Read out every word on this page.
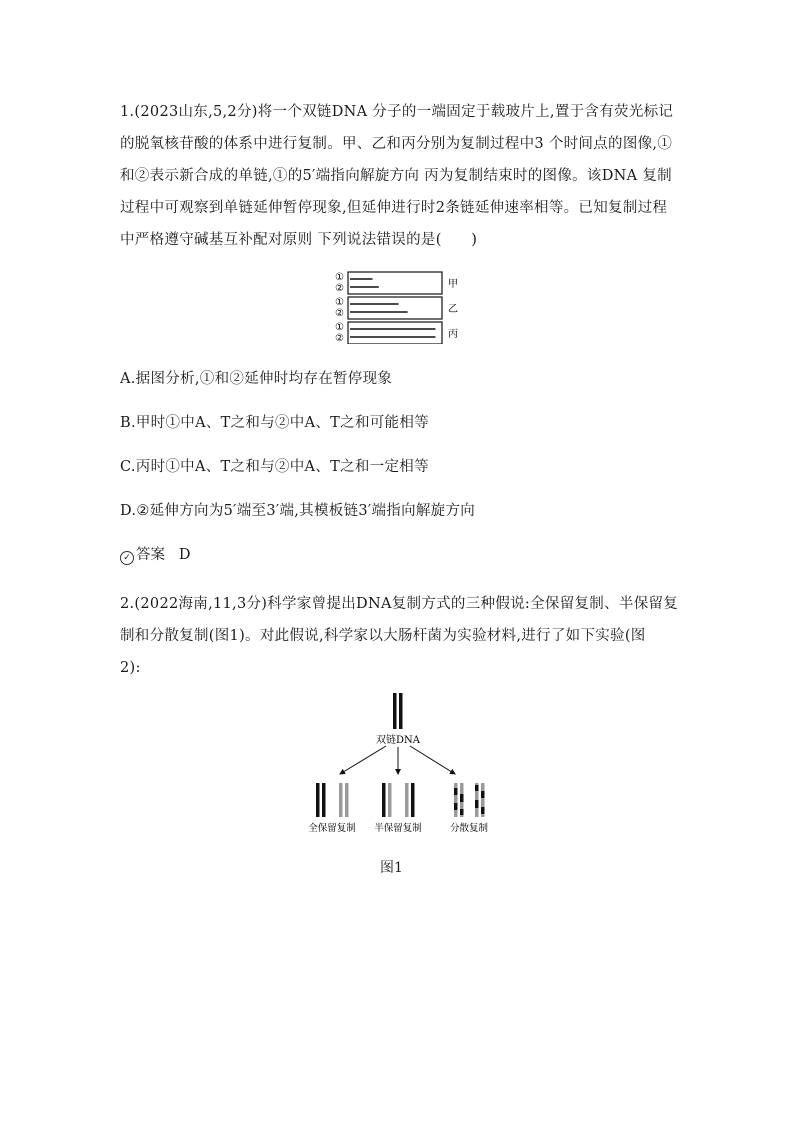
1.(2023山东,5,2分)将一个双链DNA 分子的一端固定于载玻片上,置于含有荧光标记
的脱氧核苷酸的体系中进行复制。甲、乙和丙分别为复制过程中3 个时间点的图像,①
和②表示新合成的单链,①的5′端指向解旋方向 丙为复制结束时的图像。该DNA 复制
过程中可观察到单链延伸暂停现象,但延伸进行时2条链延伸速率相等。已知复制过程
中严格遵守碱基互补配对原则 下列说法错误的是(　　)
①
②	甲
①
②	乙
①
②	丙
A.据图分析,①和②延伸时均存在暂停现象
B.甲时①中A、T之和与②中A、T之和可能相等
C.丙时①中A、T之和与②中A、T之和一定相等
D.②延伸方向为5′端至3′端,其模板链3′端指向解旋方向
✓ 答案 D
2.(2022海南,11,3分)科学家曾提出DNA复制方式的三种假说:全保留复制、半保留复
制和分散复制(图1)。对此假说,科学家以大肠杆菌为实验材料,进行了如下实验(图
2):
双链DNA
全保留复制 半保留复制	分散复制
图1
